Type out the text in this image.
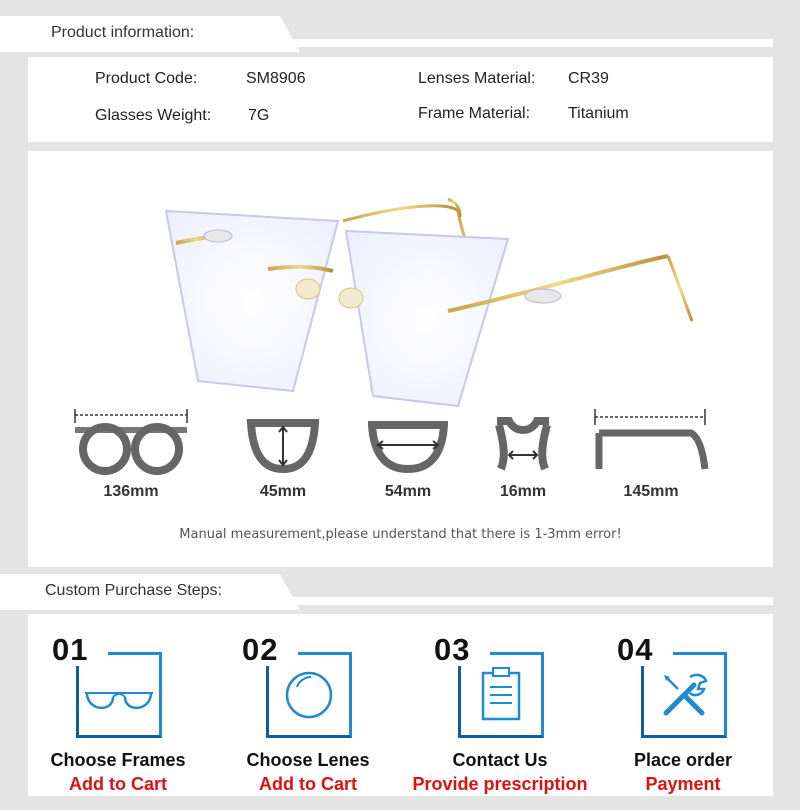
Product information:
Product Code:	SM8906	Lenses Material: CR39
Glasses Weight: 7G	Frame Material: Titanium
136mm	45mm	54mm	16mm	145mm
Manual measurement,please understand that there is 1-3mm error!
Custom Purchase Steps:
01
Choose Frames
Add to Cart
02
Choose Lenes
Add to Cart
03
Contact Us
Provide prescription
04
Place order
Payment
